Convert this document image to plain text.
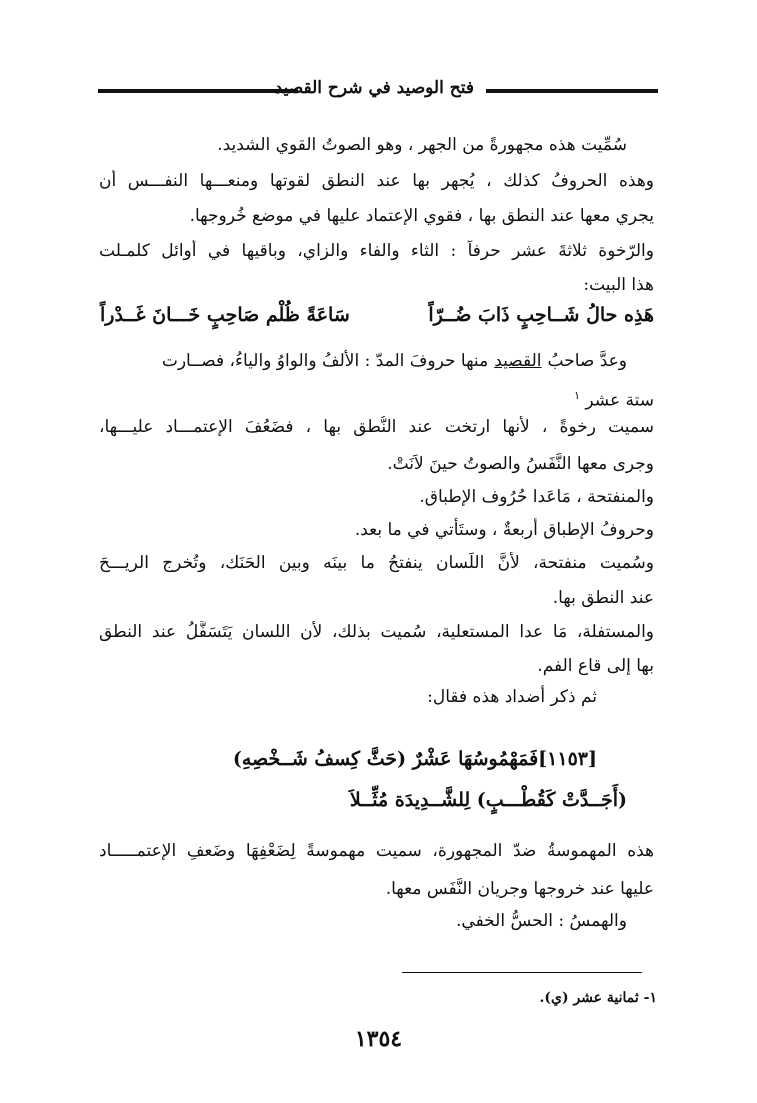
فتح الوصيد في شرح القصيد
سُمِّيت هذه مجهورةً من الجهر ، وهو الصوتُ القوي الشديد.
وهذه الحروفُ كذلك ، يُجهر بها عند النطق لقوتها ومنعـــها النفـــس أن
يجري معها عند النطق بها ، فقوي الإعتماد عليها في موضع خُروجها.
والرّخوة ثلاثةَ عشر حرفاً : الثاء والفاء والزاي، وباقيها في أوائل كلمـلت
هذا البيت:
هَذِه حالُ شَــاحِبٍ ذَابَ ضُــرّاً
سَاعَةً ظُلْم صَاحِبٍ خَـــانَ غَــدْراً
وعدَّ صاحبُ
القصيد
منها حروفَ المدّ : الألفُ والواوُ والياءُ، فصــارت
ستة عشر $^١$
سميت رخوةً ، لأنها ارتخت عند النُّطق بها ، فضَعُفَ الإعتمـــاد عليـــها،
وجرى معها النَّفَسُ والصوتُ حينَ لاَنَتْ.
والمنفتحة ، مَاعَدا حُرُوف الإطباق.
وحروفُ الإطباق أربعةٌ ، وستَأتي في ما بعد.
وسُميت منفتحة، لأنَّ اللِّسان ينفتحُ ما بينَه وبين الحَنَك، وتُخرج الريـــحَ
عند النطق بها.
والمستفلة، مَا عدا المستعلية، سُميت بذلك، لأن اللسان يَتَسَفَّلُ عند النطق
بها إلى قاع الفم.
ثم ذكر أضداد هذه فقال:
[١١٥٣]فَمَهْمُوسُهَا عَشْرٌ (حَثَّ كِسفُ شَــخْصِهِ)
(أَجَــدَّتْ كَقُطْـــبٍ) لِلشَّــدِيدَة مُثِّــلاَ
هذه المهموسةُ ضدّ المجهورة، سميت مهموسةً لِضَعْفِهَا وضَعفِ الإعتمـــــاد
عليها عند خروجها وجريان النَّفَس معها.
والهمسُ : الحسُّ الخفي.
١- ثمانية عشر (ي).
١٣٥٤
